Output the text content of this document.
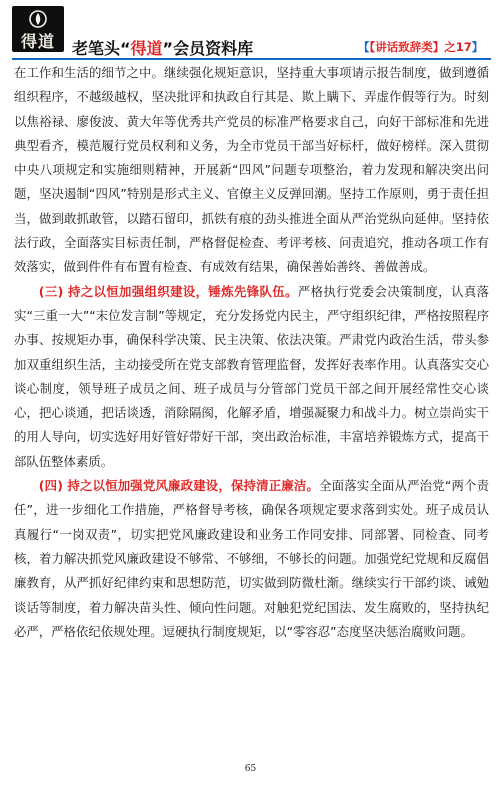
得道	老笔头“得道”会员资料库	【【讲话致辞类】之17】

在工作和生活的细节之中。继续强化规矩意识，坚持重大事项请示报告制度，做到遵循组织程序，不越级越权，坚决批评和执政自行其是、欺上瞒下、弄虚作假等行为。时刻以焦裕禄、廖俊波、黄大年等优秀共产党员的标准严格要求自己，向好干部标准和先进典型看齐，模范履行党员权利和义务，为全市党员干部当好标杆，做好榜样。深入贯彻中央八项规定和实施细则精神，开展新“四风”问题专项整治，着力发现和解决突出问题，坚决遏制“四风”特别是形式主义、官僚主义反弹回潮。坚持工作原则，勇于责任担当，做到敢抓敢管，以踏石留印，抓铁有痕的劲头推进全面从严治党纵向延伸。坚持依法行政，全面落实目标责任制，严格督促检查、考评考核、问责追究，推动各项工作有效落实，做到件件有布置有检查、有成效有结果，确保善始善终、善做善成。

(三) 持之以恒加强组织建设，锤炼先锋队伍。严格执行党委会决策制度，认真落实“三重一大”“末位发言制”等规定，充分发扬党内民主，严守组织纪律，严格按照程序办事、按规矩办事，确保科学决策、民主决策、依法决策。严肃党内政治生活，带头参加双重组织生活，主动接受所在党支部教育管理监督，发挥好表率作用。认真落实交心谈心制度，领导班子成员之间、班子成员与分管部门党员干部之间开展经常性交心谈心，把心谈通，把话谈透，消除隔阂，化解矛盾，增强凝聚力和战斗力。树立崇尚实干的用人导向，切实选好用好管好带好干部，突出政治标准，丰富培养锻炼方式，提高干部队伍整体素质。

(四) 持之以恒加强党风廉政建设，保持清正廉洁。全面落实全面从严治党“两个责任”，进一步细化工作措施，严格督导考核，确保各项规定要求落到实处。班子成员认真履行“一岗双责”，切实把党风廉政建设和业务工作同安排、同部署、同检查、同考核，着力解决抓党风廉政建设不够常、不够细，不够长的问题。加强党纪党规和反腐倡廉教育，从严抓好纪律约束和思想防范，切实做到防微杜渐。继续实行干部约谈、诫勉谈话等制度，着力解决苗头性、倾向性问题。对触犯党纪国法、发生腐败的，坚持执纪必严，严格依纪依规处理。逗硬执行制度规矩，以“零容忍”态度坚决惩治腐败问题。

65
